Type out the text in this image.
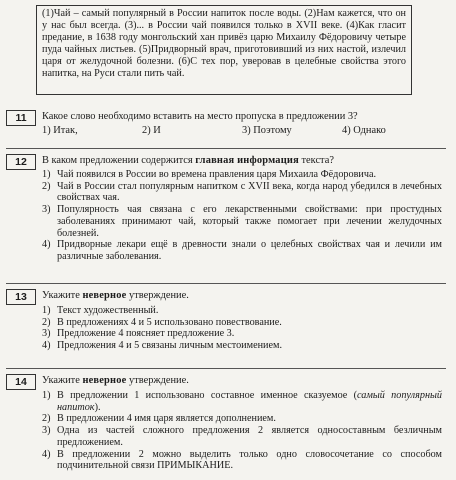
(1)Чай – самый популярный в России напиток после воды. (2)Нам кажется, что он у нас был всегда. (3)... в России чай появился только в XVII веке. (4)Как гласит предание, в 1638 году монгольский хан привёз царю Михаилу Фёдоровичу четыре пуда чайных листьев. (5)Придворный врач, приготовивший из них настой, излечил царя от желудочной болезни. (6)С тех пор, уверовав в целебные свойства этого напитка, на Руси стали пить чай.
11	Какое слово необходимо вставить на место пропуска в предложении 3?
1) Итак,	2) И	3) Поэтому	4) Однако
12	В каком предложении содержится главная информация текста?
1) Чай появился в России во времена правления царя Михаила Фёдоровича.
2) Чай в России стал популярным напитком с XVII века, когда народ убедился в лечебных свойствах чая.
3) Популярность чая связана с его лекарственными свойствами: при простудных заболеваниях принимают чай, который также помогает при лечении желудочных болезней.
4) Придворные лекари ещё в древности знали о целебных свойствах чая и лечили им различные заболевания.
13	Укажите неверное утверждение.
1) Текст художественный.
2) В предложениях 4 и 5 использовано повествование.
3) Предложение 4 поясняет предложение 3.
4) Предложения 4 и 5 связаны личным местоимением.
14	Укажите неверное утверждение.
1) В предложении 1 использовано составное именное сказуемое (самый популярный напиток).
2) В предложении 4 имя царя является дополнением.
3) Одна из частей сложного предложения 2 является односоставным безличным предложением.
4) В предложении 2 можно выделить только одно словосочетание со способом подчинительной связи ПРИМЫКАНИЕ.
